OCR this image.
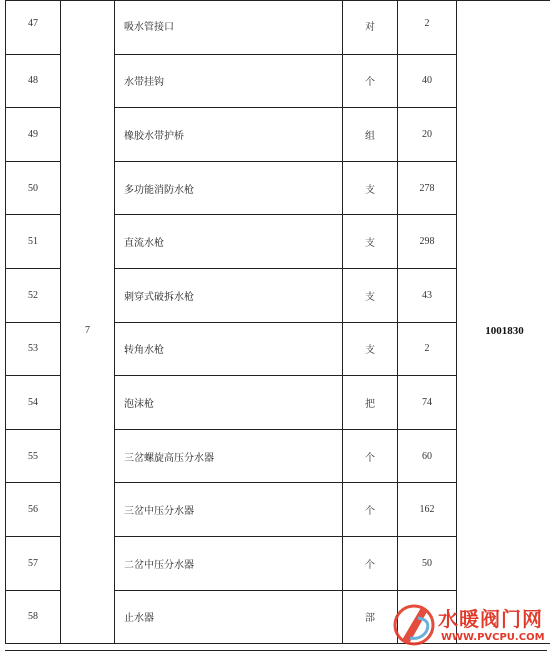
47	7	吸水管接口	对	2	1001830

48		水带挂钩	个	40	
49		橡胶水带护桥	组	20	
50		多功能消防水枪	支	278	
51		直流水枪	支	298	
52		刺穿式破拆水枪	支	43	
53		转角水枪	支	2	
54		泡沫枪	把	74	
55		三岔螺旋高压分水器	个	60	
56		三岔中压分水器	个	162	
57		二岔中压分水器	个	50	
58		止水器	部			水暖阀门网
WWW.PVCPU.COM
